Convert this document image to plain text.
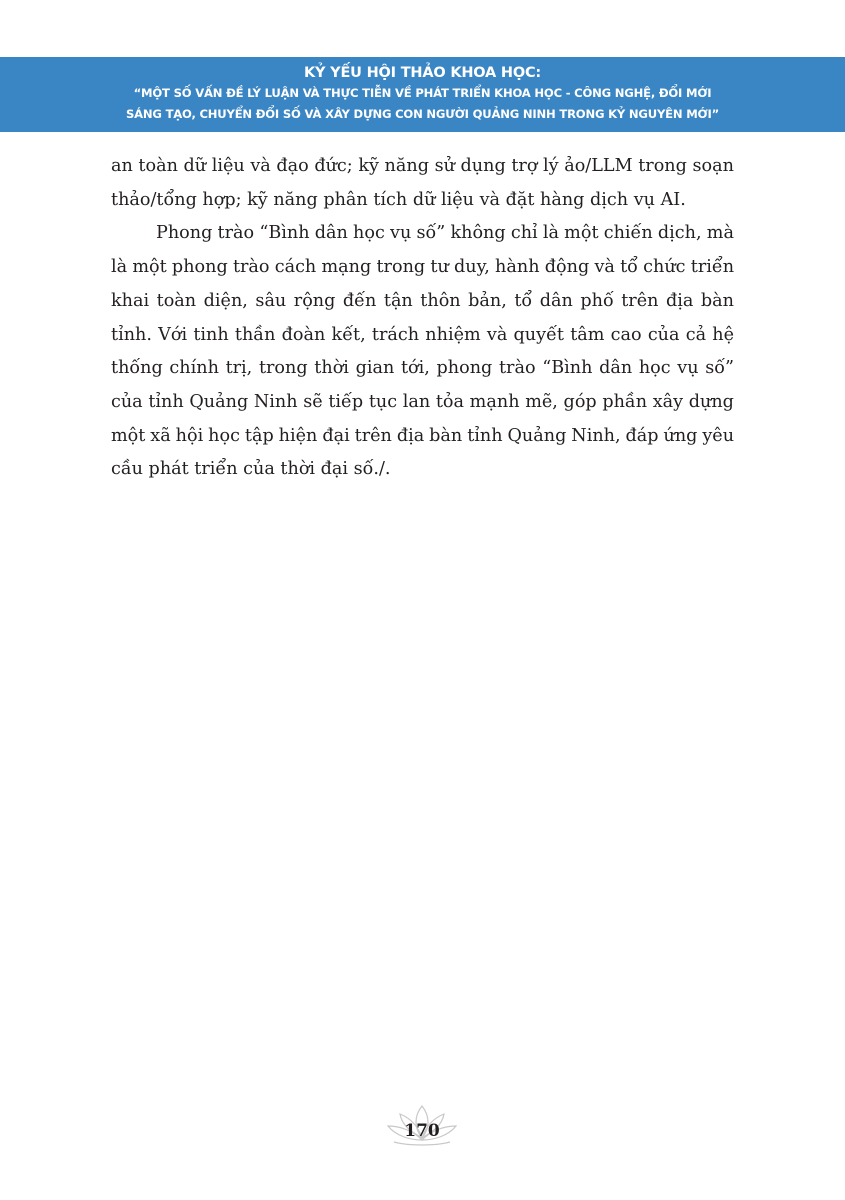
KỶ YẾU HỘI THẢO KHOA HỌC:
“MỘT SỐ VẤN ĐỀ LÝ LUẬN VÀ THỰC TIỄN VỀ PHÁT TRIỂN KHOA HỌC - CÔNG NGHỆ, ĐỔI MỚI
SÁNG TẠO, CHUYỂN ĐỔI SỐ VÀ XÂY DỰNG CON NGƯỜI QUẢNG NINH TRONG KỶ NGUYÊN MỚI”

an toàn dữ liệu và đạo đức; kỹ năng sử dụng trợ lý ảo/LLM trong soạn
thảo/tổng hợp; kỹ năng phân tích dữ liệu và đặt hàng dịch vụ AI.

Phong trào “Bình dân học vụ số” không chỉ là một chiến dịch, mà
là một phong trào cách mạng trong tư duy, hành động và tổ chức triển
khai toàn diện, sâu rộng đến tận thôn bản, tổ dân phố trên địa bàn
tỉnh. Với tinh thần đoàn kết, trách nhiệm và quyết tâm cao của cả hệ
thống chính trị, trong thời gian tới, phong trào “Bình dân học vụ số”
của tỉnh Quảng Ninh sẽ tiếp tục lan tỏa mạnh mẽ, góp phần xây dựng
một xã hội học tập hiện đại trên địa bàn tỉnh Quảng Ninh, đáp ứng yêu
cầu phát triển của thời đại số./.

170
